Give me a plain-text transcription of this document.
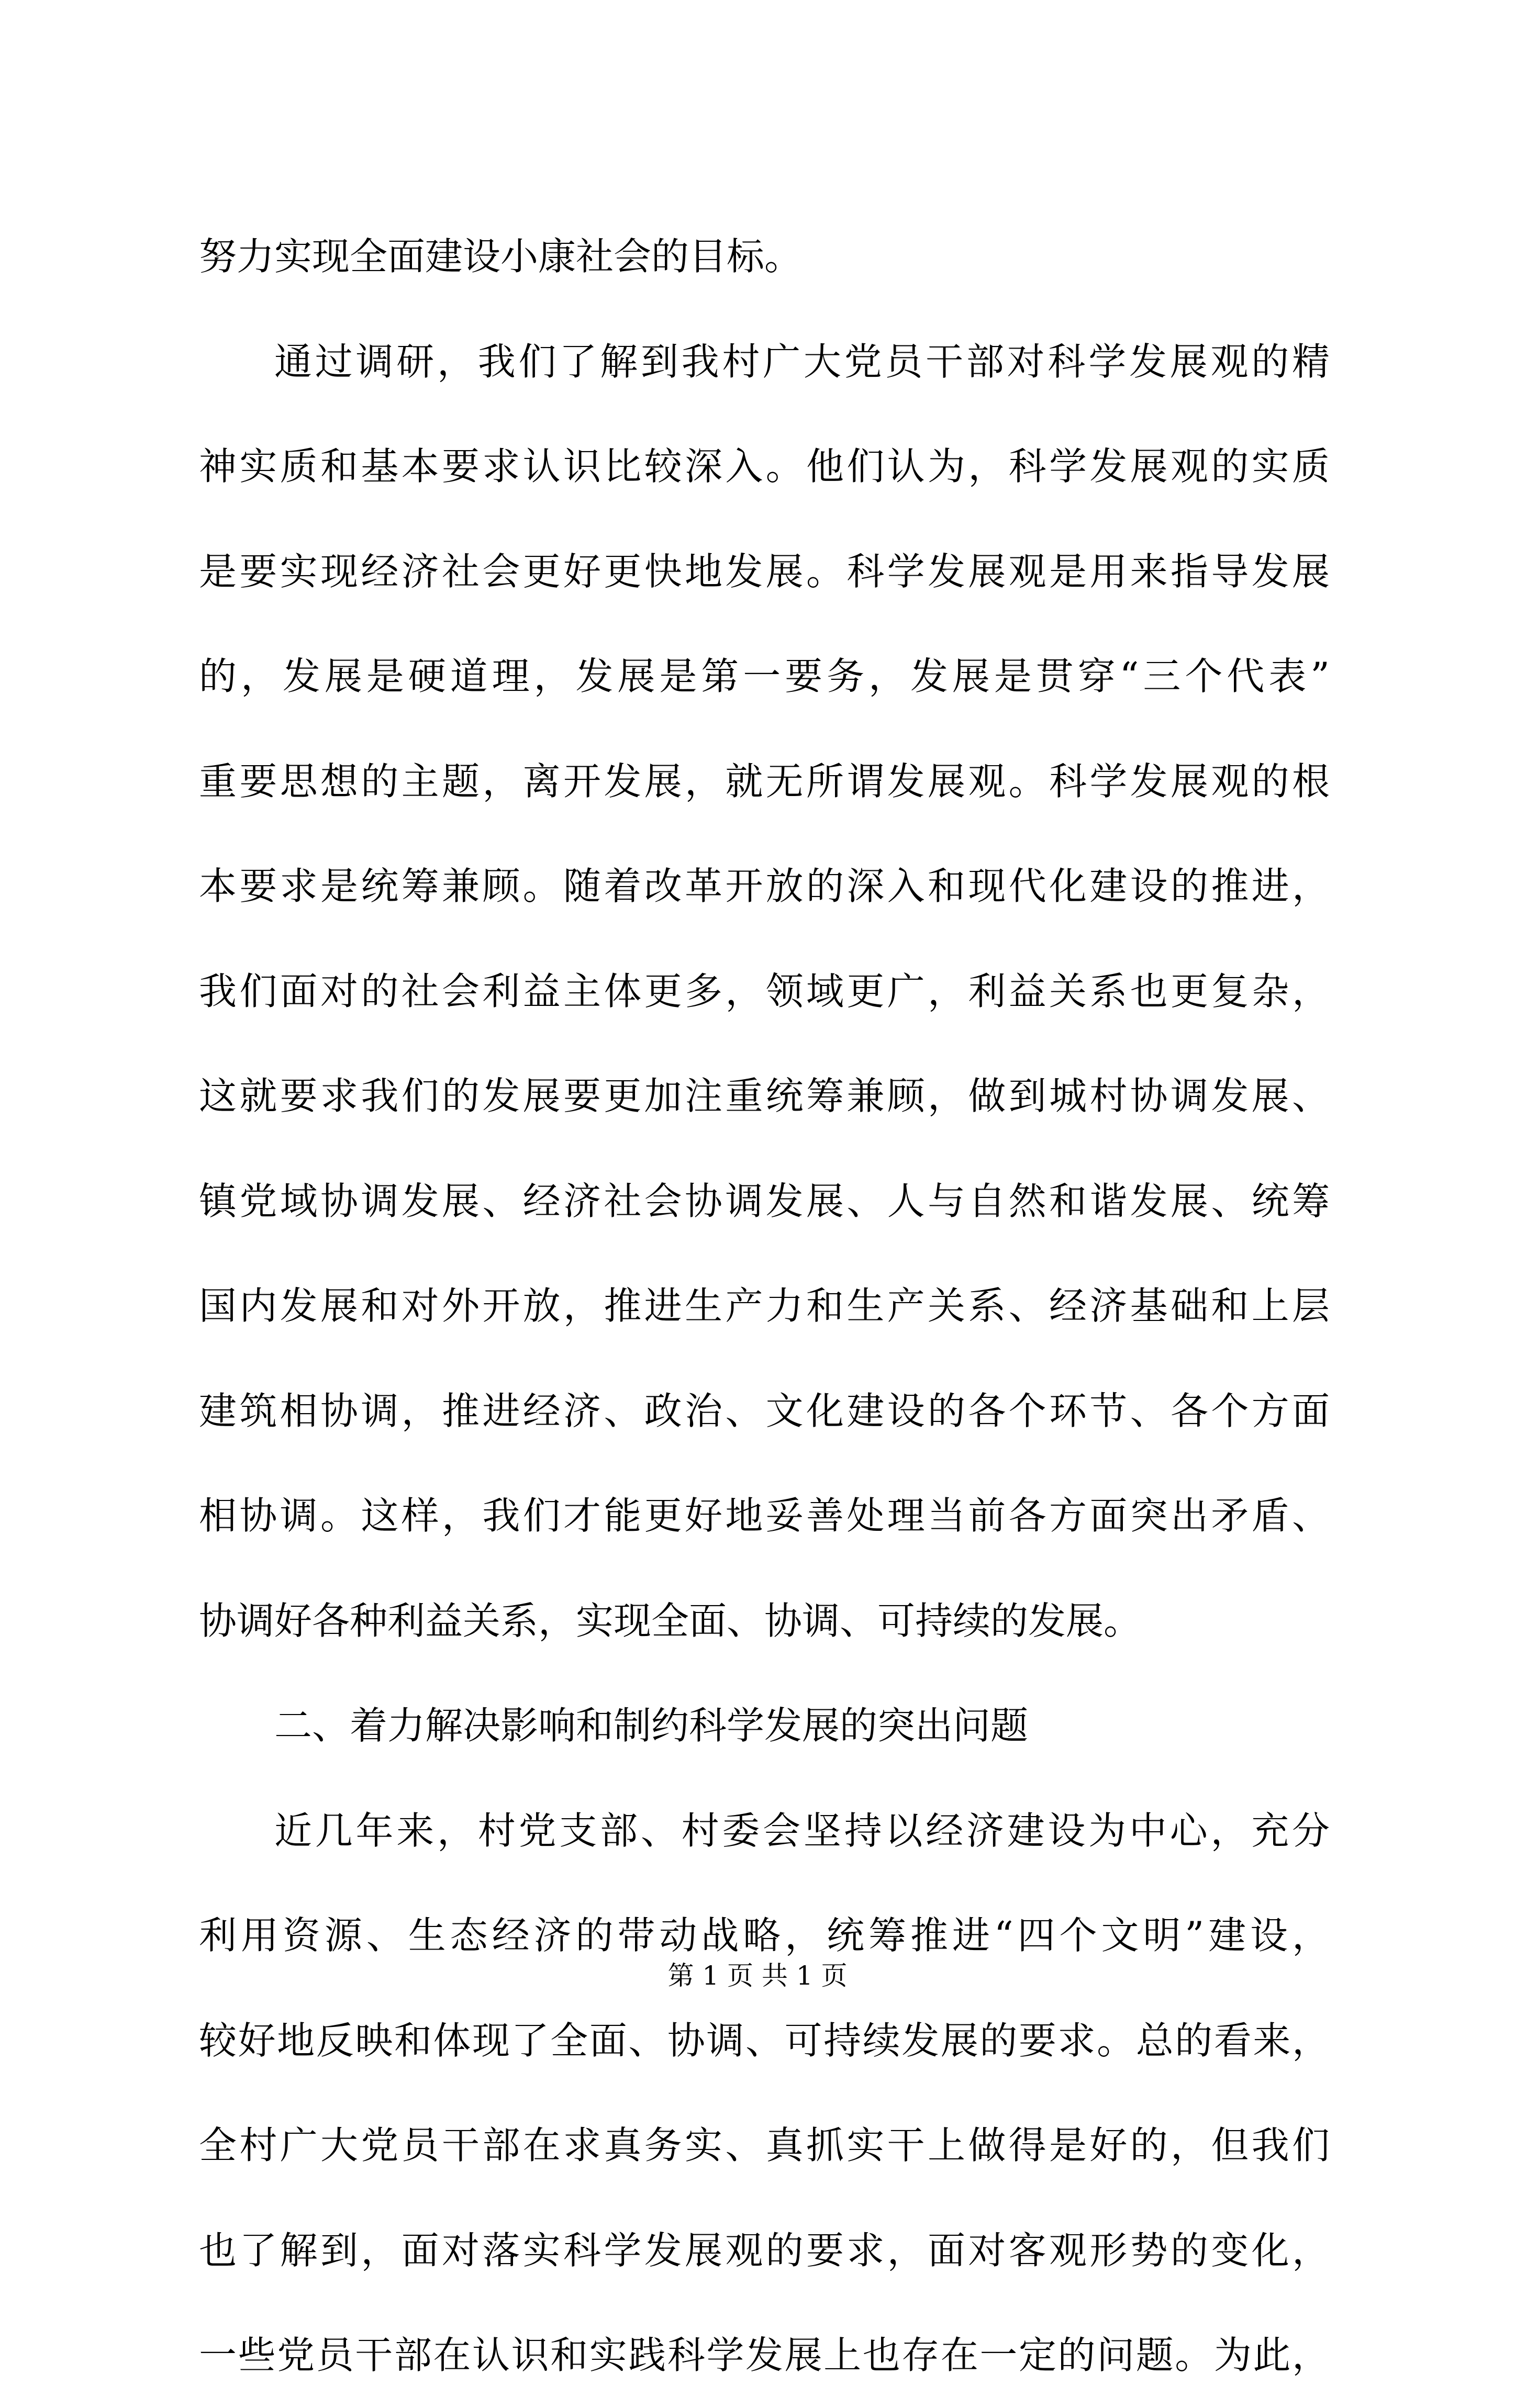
努力实现全面建设小康社会的目标。
通过调研，我们了解到我村广大党员干部对科学发展观的精
神实质和基本要求认识比较深入。他们认为，科学发展观的实质
是要实现经济社会更好更快地发展。科学发展观是用来指导发展
的，发展是硬道理，发展是第一要务，发展是贯穿“三个代表”
重要思想的主题，离开发展，就无所谓发展观。科学发展观的根
本要求是统筹兼顾。随着改革开放的深入和现代化建设的推进，
我们面对的社会利益主体更多，领域更广，利益关系也更复杂，
这就要求我们的发展要更加注重统筹兼顾，做到城村协调发展、
镇党域协调发展、经济社会协调发展、人与自然和谐发展、统筹
国内发展和对外开放，推进生产力和生产关系、经济基础和上层
建筑相协调，推进经济、政治、文化建设的各个环节、各个方面
相协调。这样，我们才能更好地妥善处理当前各方面突出矛盾、
协调好各种利益关系，实现全面、协调、可持续的发展。
二、着力解决影响和制约科学发展的突出问题
近几年来，村党支部、村委会坚持以经济建设为中心，充分
利用资源、生态经济的带动战略，统筹推进“四个文明”建设，
较好地反映和体现了全面、协调、可持续发展的要求。总的看来，
全村广大党员干部在求真务实、真抓实干上做得是好的，但我们
也了解到，面对落实科学发展观的要求，面对客观形势的变化，
一些党员干部在认识和实践科学发展上也存在一定的问题。为此，
第 1 页 共 1 页
